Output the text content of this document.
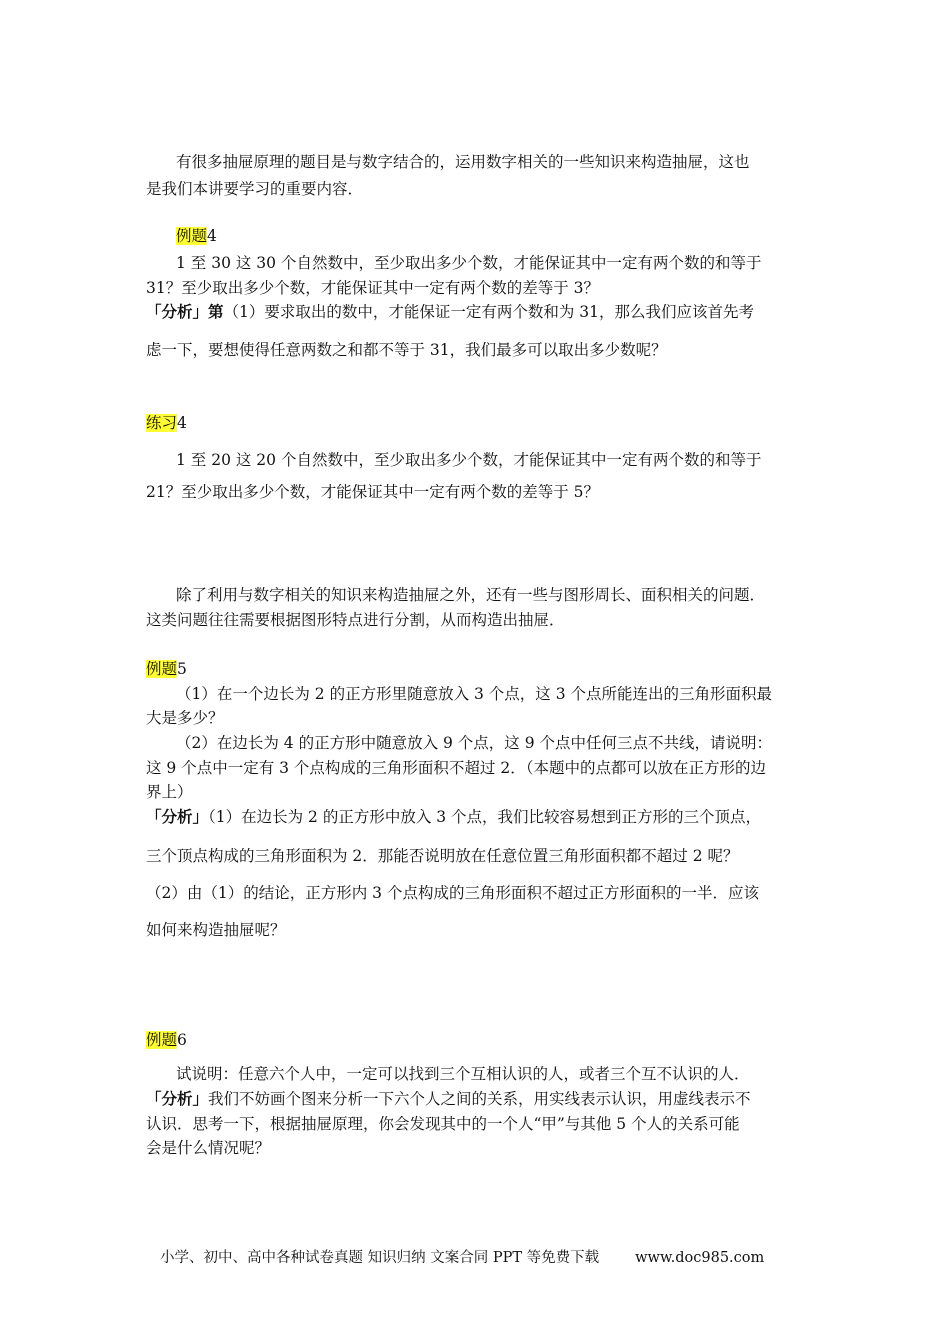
有很多抽屉原理的题目是与数字结合的，运用数字相关的一些知识来构造抽屉，这也
是我们本讲要学习的重要内容．
例题4
1 至 30 这 30 个自然数中，至少取出多少个数，才能保证其中一定有两个数的和等于
31？至少取出多少个数，才能保证其中一定有两个数的差等于 3？
「分析」第（1）要求取出的数中，才能保证一定有两个数和为 31，那么我们应该首先考
虑一下，要想使得任意两数之和都不等于 31，我们最多可以取出多少数呢？
练习4
1 至 20 这 20 个自然数中，至少取出多少个数，才能保证其中一定有两个数的和等于
21？至少取出多少个数，才能保证其中一定有两个数的差等于 5？
除了利用与数字相关的知识来构造抽屉之外，还有一些与图形周长、面积相关的问题．
这类问题往往需要根据图形特点进行分割，从而构造出抽屉．
例题5
（1）在一个边长为 2 的正方形里随意放入 3 个点，这 3 个点所能连出的三角形面积最
大是多少？
（2）在边长为 4 的正方形中随意放入 9 个点，这 9 个点中任何三点不共线，请说明：
这 9 个点中一定有 3 个点构成的三角形面积不超过 2．（本题中的点都可以放在正方形的边
界上）
「分析」（1）在边长为 2 的正方形中放入 3 个点，我们比较容易想到正方形的三个顶点，
三个顶点构成的三角形面积为 2．那能否说明放在任意位置三角形面积都不超过 2 呢？
（2）由（1）的结论，正方形内 3 个点构成的三角形面积不超过正方形面积的一半．应该
如何来构造抽屉呢？
例题6
试说明：任意六个人中，一定可以找到三个互相认识的人，或者三个互不认识的人．
「分析」我们不妨画个图来分析一下六个人之间的关系，用实线表示认识，用虚线表示不
认识．思考一下，根据抽屉原理，你会发现其中的一个人“甲”与其他 5 个人的关系可能
会是什么情况呢？
小学、初中、高中各种试卷真题 知识归纳 文案合同 PPT 等免费下载 www.doc985.com
